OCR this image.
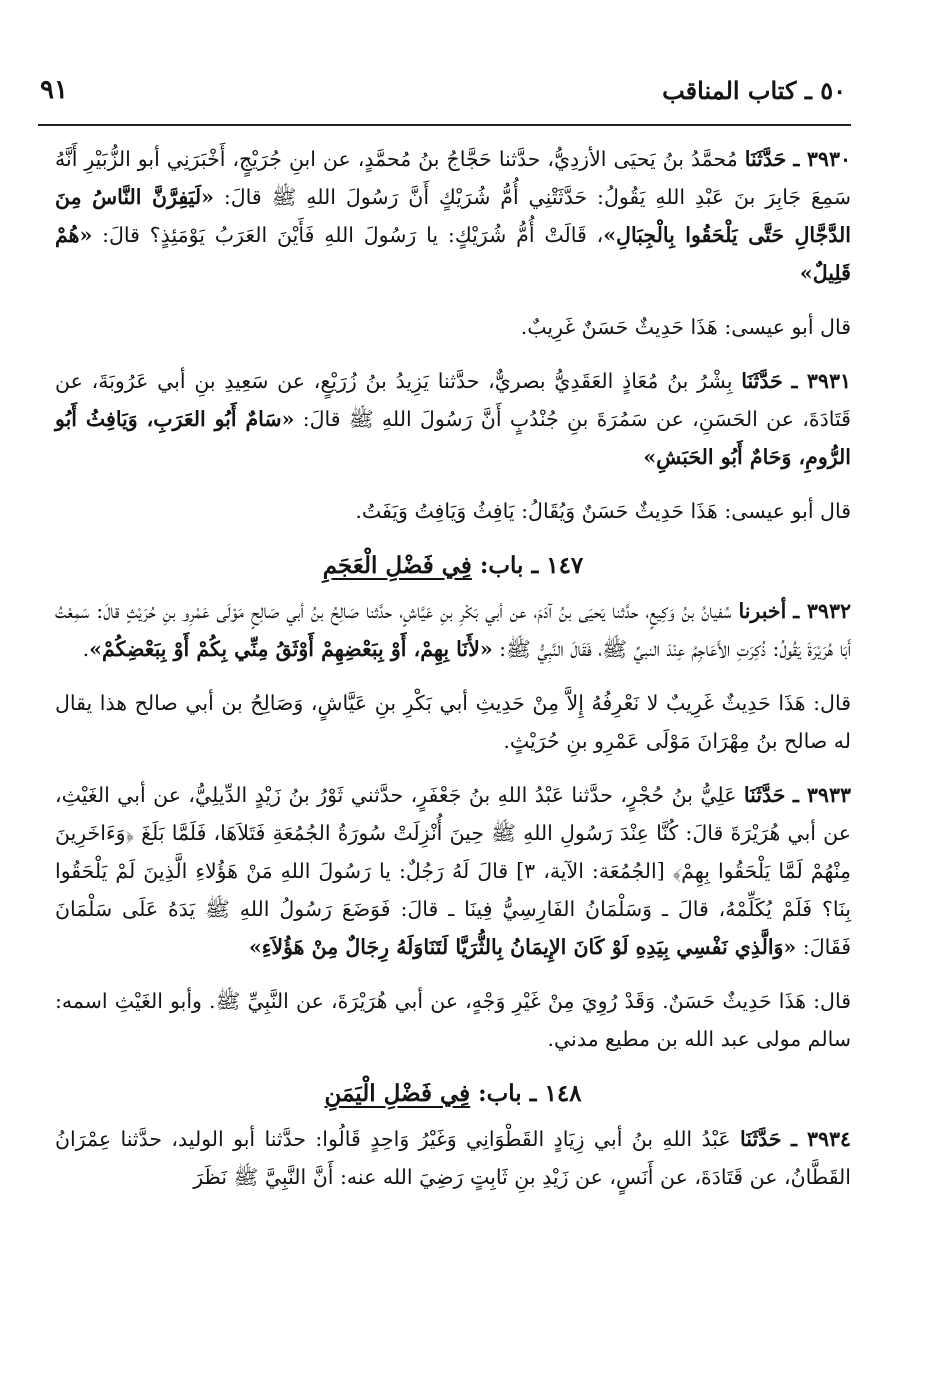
٥٠ ـ كتاب المناقب
٩١

٣٩٣٠ ـ حَدَّثَنَا مُحمَّدُ بنُ يَحيَى الأزدِيُّ، حدَّثنا حَجَّاجُ بنُ مُحمَّدٍ، عن ابنِ جُرَيْجٍ، أَخْبَرَنِي أبو الزُّبَيْرِ أَنَّهُ سَمِعَ جَابِرَ بنَ عَبْدِ اللهِ يَقُولُ: حَدَّثَتْنِي أُمُّ شُرَيْكٍ أَنَّ رَسُولَ اللهِ ﷺ قالَ: «لَيَفِرَّنَّ النَّاسُ مِنَ الدَّجَّالِ حَتَّى يَلْحَقُوا بِالْجِبَالِ»، قَالَتْ أُمُّ شُرَيْكٍ: يا رَسُولَ اللهِ فَأَيْنَ العَرَبُ يَوْمَئِذٍ؟ قالَ: «هُمْ قَلِيلٌ»

قال أبو عيسى: هَذَا حَدِيثٌ حَسَنٌ غَرِيبٌ.

٣٩٣١ ـ حَدَّثَنَا بِشْرُ بنُ مُعَاذٍ العَقَدِيُّ بصريٌّ، حدَّثنا يَزِيدُ بنُ زُرَيْعٍ، عن سَعِيدِ بنِ أبي عَرُوبَةَ، عن قَتَادَةَ، عن الحَسَنِ، عن سَمُرَةَ بنِ جُنْدُبٍ أَنَّ رَسُولَ اللهِ ﷺ قالَ: «سَامٌ أَبُو العَرَبِ، وَيَافِثُ أَبُو الرُّومِ، وَحَامٌ أَبُو الحَبَشِ»

قال أبو عيسى: هَذَا حَدِيثٌ حَسَنٌ وَيُقَالُ: يَافِثُ وَيَافِتُ وَيَفَتُ.

١٤٧ ـ باب: فِي فَضْلِ الْعَجَمِ

٣٩٣٢ ـ أخبرنا سُفيانُ بنُ وَكِيعٍ، حدَّثنا يَحيَى بنُ آدَمَ، عن أبي بَكْرِ بنِ عَيَّاشٍ، حدَّثنا صَالِحُ بنُ أبي صَالِحٍ مَوْلَى عَمْرِو بنِ حُرَيْثٍ قالَ: سَمِعْتُ أَبَا هُرَيْرَةَ يَقُولُ: ذُكِرَتِ الأَعَاجِمُ عِنْدَ النبيِّ ﷺ، فَقَالَ النَّبِيُّ ﷺ: «لأَنَا بِهِمْ، أَوْ بِبَعْضِهِمْ أَوْثَقُ مِنِّي بِكُمْ أَوْ بِبَعْضِكُمْ».

قال: هَذَا حَدِيثٌ غَرِيبٌ لا نَعْرِفُهُ إِلاَّ مِنْ حَدِيثِ أبي بَكْرِ بنِ عَيَّاشٍ، وَصَالِحُ بن أبي صالح هذا يقال له صالح بنُ مِهْرَانَ مَوْلَى عَمْرِو بنِ حُرَيْثٍ.

٣٩٣٣ ـ حَدَّثَنَا عَلِيُّ بنُ حُجْرٍ، حدَّثنا عَبْدُ اللهِ بنُ جَعْفَرٍ، حدَّثني ثَوْرُ بنُ زَيْدٍ الدِّيلِيُّ، عن أبي الغَيْثِ، عن أبي هُرَيْرَةَ قالَ: كُنَّا عِنْدَ رَسُولِ اللهِ ﷺ حِينَ أُنْزِلَتْ سُورَةُ الجُمُعَةِ فَتَلاَهَا، فَلَمَّا بَلَغَ ﴿وَءَاخَرِينَ مِنْهُمْ لَمَّا يَلْحَقُوا بِهِمْ﴾ [الجُمُعَة: الآية، ٣] قالَ لَهُ رَجُلٌ: يا رَسُولَ اللهِ مَنْ هَؤُلاءِ الَّذِينَ لَمْ يَلْحَقُوا بِنَا؟ فَلَمْ يُكَلِّمْهُ، قالَ ـ وَسَلْمَانُ الفَارِسِيُّ فِينَا ـ قالَ: فَوَضَعَ رَسُولُ اللهِ ﷺ يَدَهُ عَلَى سَلْمَانَ فَقَالَ: «وَالَّذِي نَفْسِي بِيَدِهِ لَوْ كَانَ الإِيمَانُ بِالثُّرَيَّا لَتَنَاوَلَهُ رِجَالٌ مِنْ هَؤُلاَءِ»

قال: هَذَا حَدِيثٌ حَسَنٌ. وَقَدْ رُوِيَ مِنْ غَيْرِ وَجْهٍ، عن أبي هُرَيْرَةَ، عن النَّبِيِّ ﷺ. وأبو الغَيْثِ اسمه: سالم مولى عبد الله بن مطيع مدني.

١٤٨ ـ باب: فِي فَضْلِ الْيَمَنِ

٣٩٣٤ ـ حَدَّثَنَا عَبْدُ اللهِ بنُ أبي زِيَادٍ القَطْوَانِي وَغَيْرُ وَاحِدٍ قَالُوا: حدَّثنا أبو الوليد، حدَّثنا عِمْرَانُ القَطَّانُ، عن قَتَادَةَ، عن أَنَسٍ، عن زَيْدِ بنِ ثَابِتٍ رَضِيَ الله عنه: أَنَّ النَّبِيَّ ﷺ نَظَرَ
